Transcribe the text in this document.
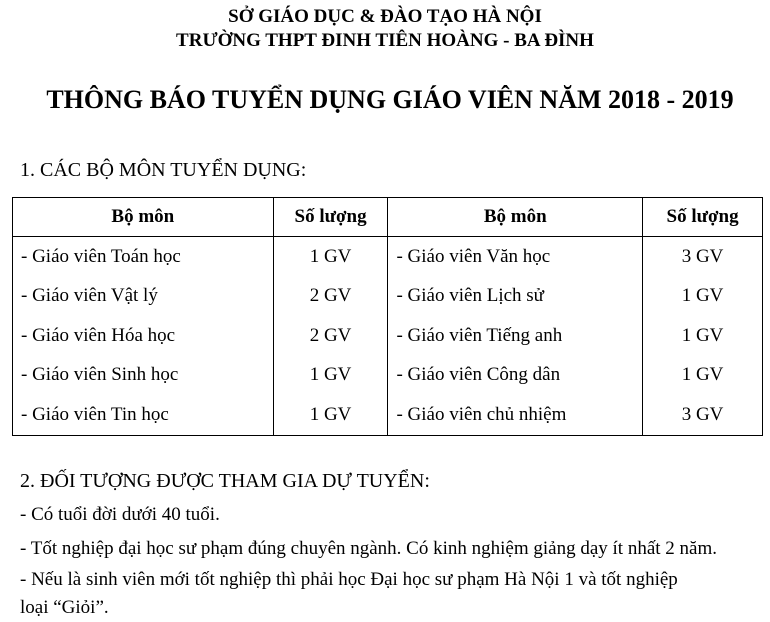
SỞ GIÁO DỤC & ĐÀO TẠO HÀ NỘI
TRƯỜNG THPT ĐINH TIÊN HOÀNG - BA ĐÌNH
THÔNG BÁO TUYỂN DỤNG GIÁO VIÊN NĂM 2018 - 2019
1. CÁC BỘ MÔN TUYỂN DỤNG:
Bộ môn	Số lượng	Bộ môn	Số lượng
- Giáo viên Toán học	1 GV	- Giáo viên Văn học	3 GV
- Giáo viên Vật lý	2 GV	- Giáo viên Lịch sử	1 GV
- Giáo viên Hóa học	2 GV	- Giáo viên Tiếng anh	1 GV
- Giáo viên Sinh học	1 GV	- Giáo viên Công dân	1 GV
- Giáo viên Tin học	1 GV	- Giáo viên chủ nhiệm	3 GV
2. ĐỐI TƯỢNG ĐƯỢC THAM GIA DỰ TUYỂN:
- Có tuổi đời dưới 40 tuổi.
- Tốt nghiệp đại học sư phạm đúng chuyên ngành. Có kinh nghiệm giảng dạy ít nhất 2 năm.
- Nếu là sinh viên mới tốt nghiệp thì phải học Đại học sư phạm Hà Nội 1 và tốt nghiệp
loại “Giỏi”.
